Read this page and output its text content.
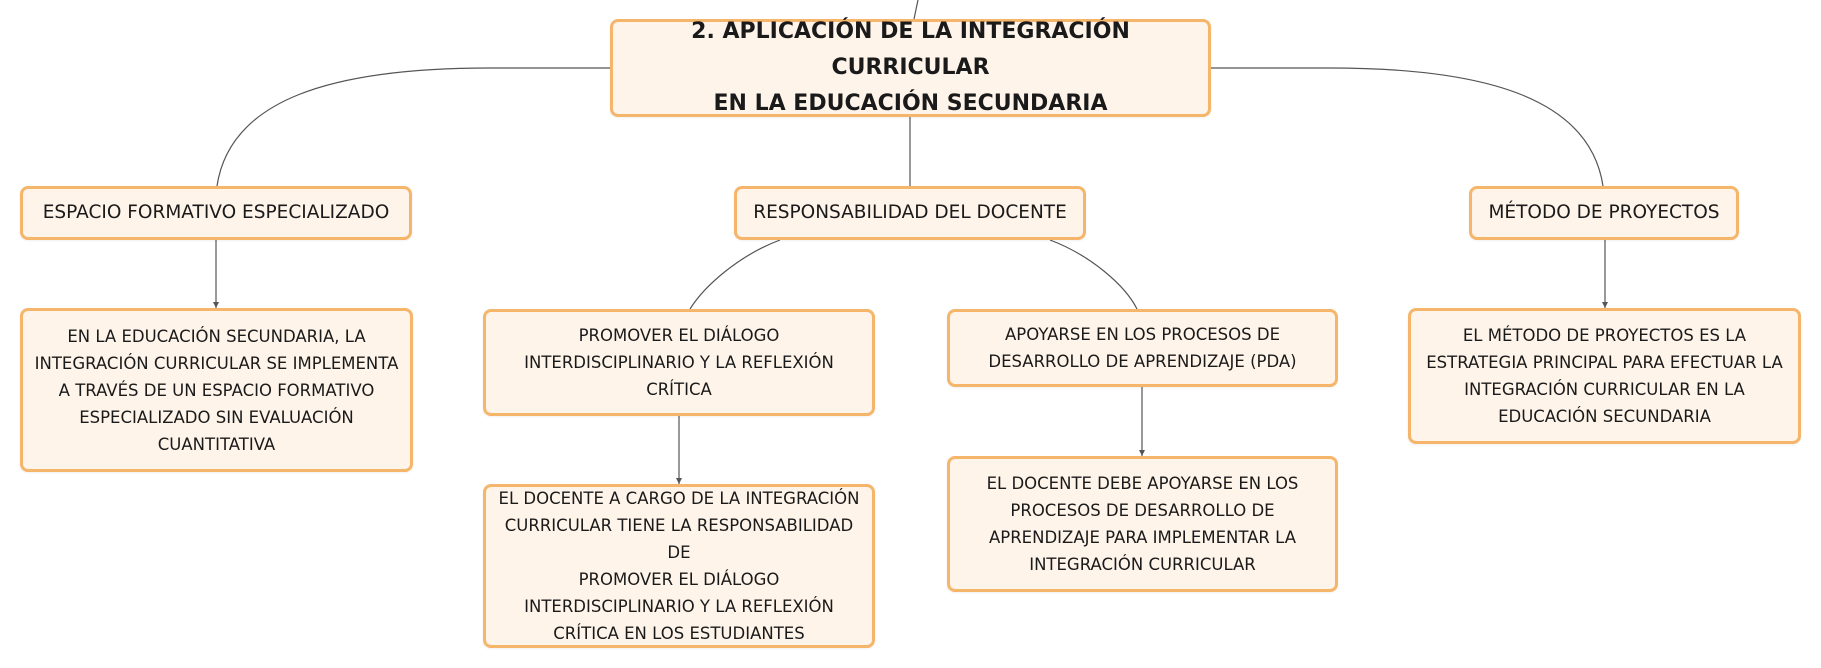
2. APLICACIÓN DE LA INTEGRACIÓN CURRICULAR
EN LA EDUCACIÓN SECUNDARIA
ESPACIO FORMATIVO ESPECIALIZADO	RESPONSABILIDAD DEL DOCENTE	MÉTODO DE PROYECTOS
EN LA EDUCACIÓN SECUNDARIA, LA
INTEGRACIÓN CURRICULAR SE IMPLEMENTA
A TRAVÉS DE UN ESPACIO FORMATIVO
ESPECIALIZADO SIN EVALUACIÓN
CUANTITATIVA
PROMOVER EL DIÁLOGO
INTERDISCIPLINARIO Y LA REFLEXIÓN
CRÍTICA
APOYARSE EN LOS PROCESOS DE
DESARROLLO DE APRENDIZAJE (PDA)
EL DOCENTE A CARGO DE LA INTEGRACIÓN
CURRICULAR TIENE LA RESPONSABILIDAD DE
PROMOVER EL DIÁLOGO
INTERDISCIPLINARIO Y LA REFLEXIÓN
CRÍTICA EN LOS ESTUDIANTES
EL DOCENTE DEBE APOYARSE EN LOS
PROCESOS DE DESARROLLO DE
APRENDIZAJE PARA IMPLEMENTAR LA
INTEGRACIÓN CURRICULAR
EL MÉTODO DE PROYECTOS ES LA
ESTRATEGIA PRINCIPAL PARA EFECTUAR LA
INTEGRACIÓN CURRICULAR EN LA
EDUCACIÓN SECUNDARIA
